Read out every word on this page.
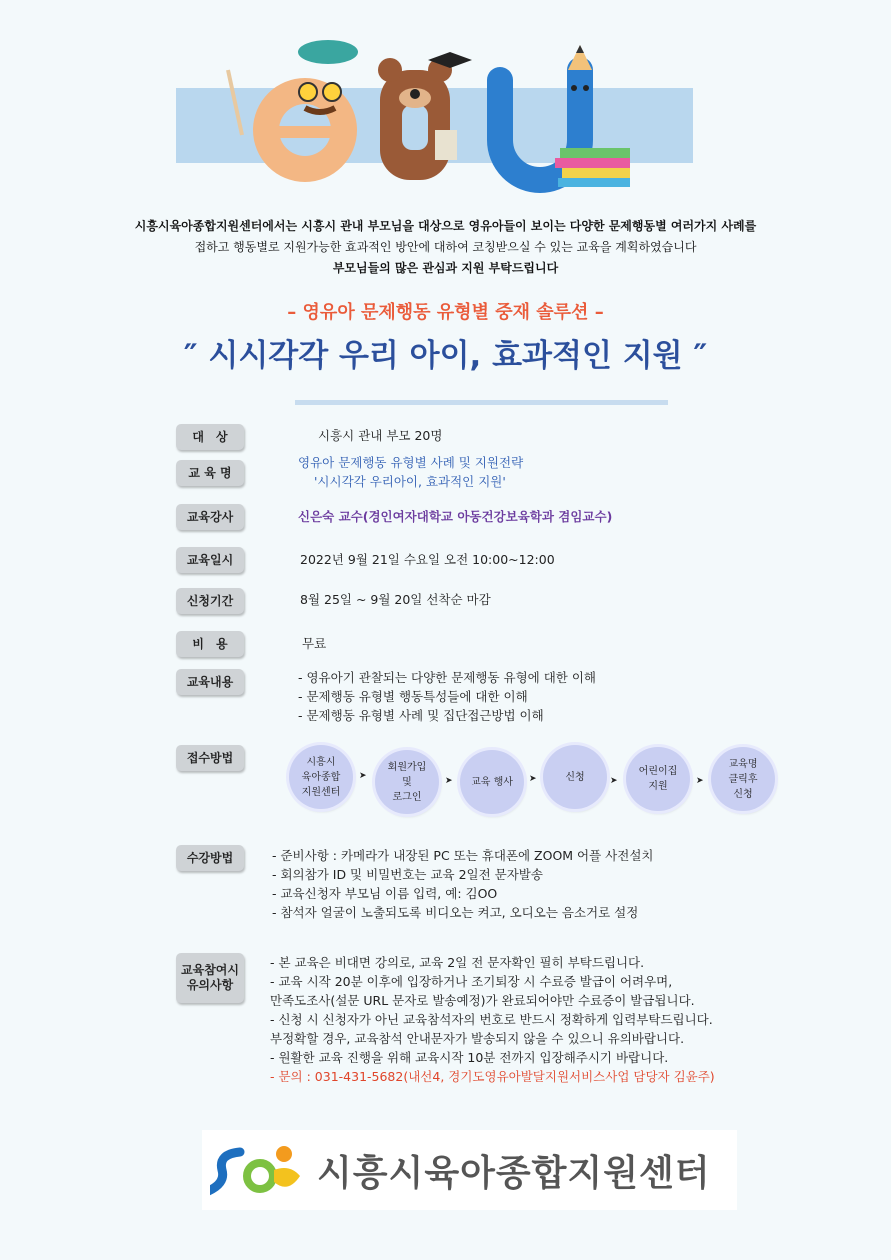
시흥시육아종합지원센터에서는 시흥시 관내 부모님을 대상으로 영유아들이 보이는 다양한 문제행동별 여러가지 사례를
접하고 행동별로 지원가능한 효과적인 방안에 대하여 코칭받으실 수 있는 교육을 계획하였습니다
부모님들의 많은 관심과 지원 부탁드립니다
– 영유아 문제행동 유형별 중재 솔루션 –
″ 시시각각 우리 아이, 효과적인 지원 ″
대　상	시흥시 관내 부모 20명
교 육 명
영유아 문제행동 유형별 사례 및 지원전략
'시시각각 우리아이, 효과적인 지원'
교육강사	신은숙 교수(경인여자대학교 아동건강보육학과 겸임교수)
교육일시	2022년 9월 21일 수요일 오전 10:00~12:00
신청기간	8월 25일 ~ 9월 20일 선착순 마감
비　용	무료
교육내용	- 영유아기 관찰되는 다양한 문제행동 유형에 대한 이해
- 문제행동 유형별 행동특성들에 대한 이해
- 문제행동 유형별 사례 및 집단접근방법 이해
접수방법	시흥시
육아종합
지원센터
➤
회원가입
및
로그인
➤ 교육 행사 ➤	신청	➤
어린이집
지원	➤
교육명
클릭후
신청
수강방법	- 준비사항 : 카메라가 내장된 PC 또는 휴대폰에 ZOOM 어플 사전설치
- 회의참가 ID 및 비밀번호는 교육 2일전 문자발송
- 교육신청자 부모님 이름 입력, 예: 김OO
- 참석자 얼굴이 노출되도록 비디오는 켜고, 오디오는 음소거로 설정
교육참여시
유의사항
- 본 교육은 비대면 강의로, 교육 2일 전 문자확인 필히 부탁드립니다.
- 교육 시작 20분 이후에 입장하거나 조기퇴장 시 수료증 발급이 어려우며,
만족도조사(설문 URL 문자로 발송예정)가 완료되어야만 수료증이 발급됩니다.
- 신청 시 신청자가 아닌 교육참석자의 번호로 반드시 정확하게 입력부탁드립니다.
부정확할 경우, 교육참석 안내문자가 발송되지 않을 수 있으니 유의바랍니다.
- 원활한 교육 진행을 위해 교육시작 10분 전까지 입장해주시기 바랍니다.
- 문의 : 031-431-5682(내선4, 경기도영유아발달지원서비스사업 담당자 김윤주)
시흥시육아종합지원센터
